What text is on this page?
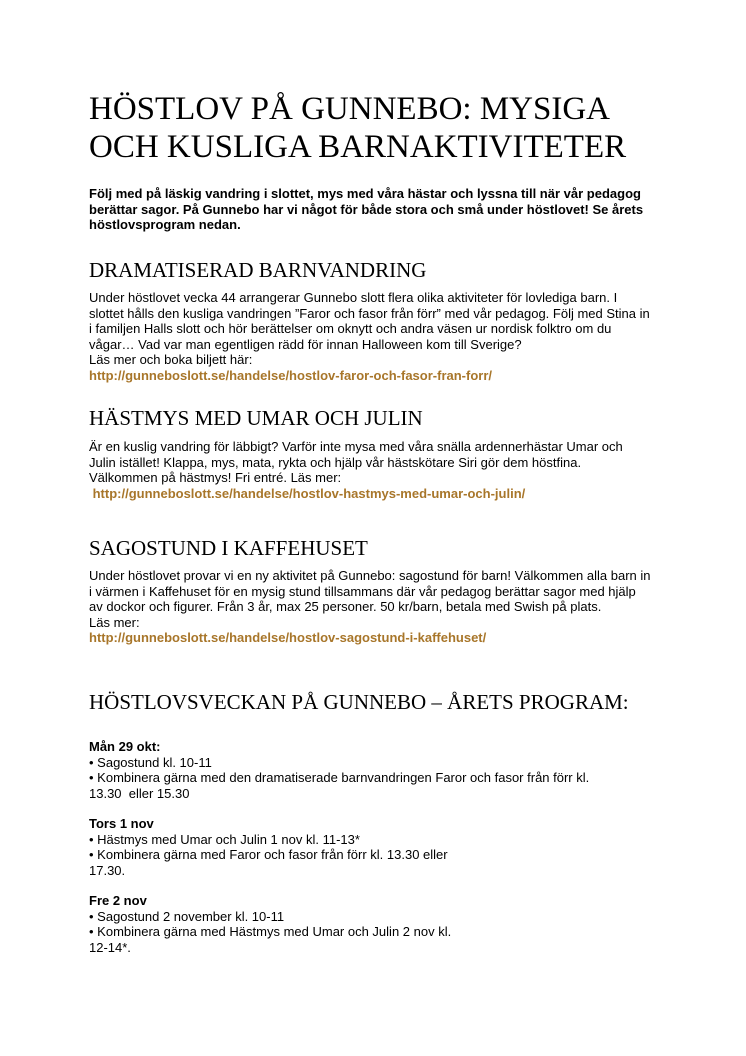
HÖSTLOV PÅ GUNNEBO: MYSIGA
OCH KUSLIGA BARNAKTIVITETER
Följ med på läskig vandring i slottet, mys med våra hästar och lyssna till när vår pedagog
berättar sagor. På Gunnebo har vi något för både stora och små under höstlovet! Se årets
höstlovsprogram nedan.
DRAMATISERAD BARNVANDRING
Under höstlovet vecka 44 arrangerar Gunnebo slott flera olika aktiviteter för lovlediga barn. I
slottet hålls den kusliga vandringen ”Faror och fasor från förr” med vår pedagog. Följ med Stina in
i familjen Halls slott och hör berättelser om oknytt och andra väsen ur nordisk folktro om du
vågar… Vad var man egentligen rädd för innan Halloween kom till Sverige?
Läs mer och boka biljett här:
http://gunneboslott.se/handelse/hostlov-faror-och-fasor-fran-forr/
HÄSTMYS MED UMAR OCH JULIN
Är en kuslig vandring för läbbigt? Varför inte mysa med våra snälla ardennerhästar Umar och
Julin istället! Klappa, mys, mata, rykta och hjälp vår hästskötare Siri gör dem höstfina.
Välkommen på hästmys! Fri entré. Läs mer:
http://gunneboslott.se/handelse/hostlov-hastmys-med-umar-och-julin/
SAGOSTUND I KAFFEHUSET
Under höstlovet provar vi en ny aktivitet på Gunnebo: sagostund för barn! Välkommen alla barn in
i värmen i Kaffehuset för en mysig stund tillsammans där vår pedagog berättar sagor med hjälp
av dockor och figurer. Från 3 år, max 25 personer. 50 kr/barn, betala med Swish på plats.
Läs mer:
http://gunneboslott.se/handelse/hostlov-sagostund-i-kaffehuset/
HÖSTLOVSVECKAN PÅ GUNNEBO – ÅRETS PROGRAM:
Mån 29 okt:
• Sagostund kl. 10-11
• Kombinera gärna med den dramatiserade barnvandringen Faror och fasor från förr kl.
13.30  eller 15.30
Tors 1 nov
• Hästmys med Umar och Julin 1 nov kl. 11-13*
• Kombinera gärna med Faror och fasor från förr kl. 13.30 eller
17.30.
Fre 2 nov
• Sagostund 2 november kl. 10-11
• Kombinera gärna med Hästmys med Umar och Julin 2 nov kl.
12-14*.
